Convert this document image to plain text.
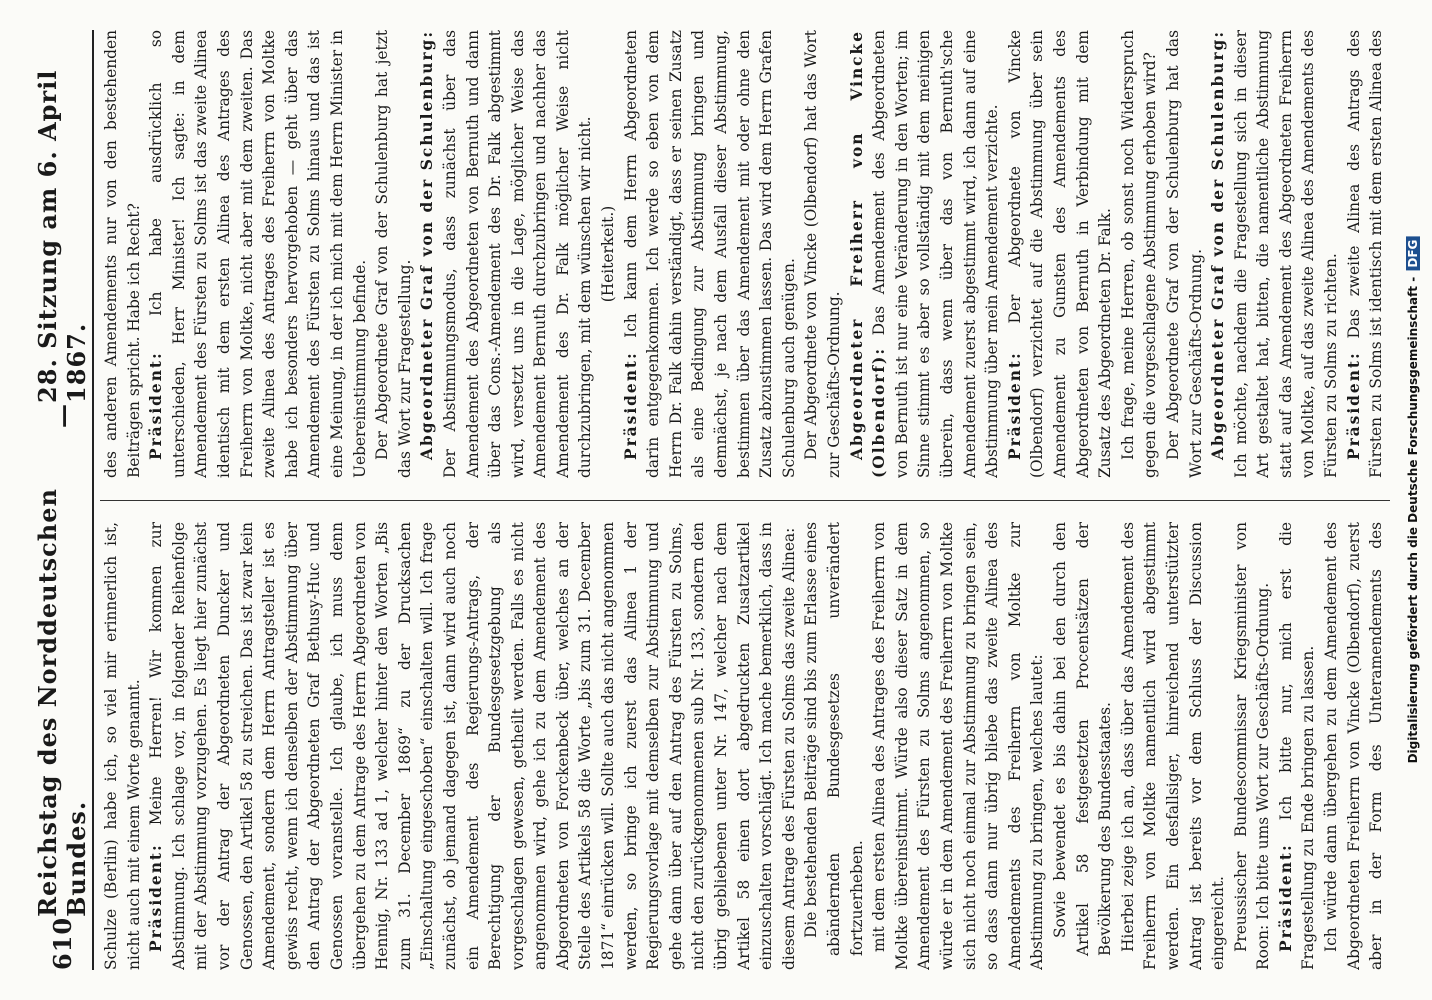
610
Reichstag des Norddeutschen Bundes.
—
28. Sitzung am 6. April 1867.

Schulze (Berlin) habe ich, so viel mir erinnerlich ist, nicht auch mit einem Worte genannt. Präsident: Meine Herren! Wir kommen zur Abstimmung. Ich schlage vor, in folgender Reihenfolge mit der Abstimmung vorzugehen. Es liegt hier zunächst vor der Antrag der Abgeordneten Duncker und Genossen, den Artikel 58 zu streichen. Das ist zwar kein Amendement, sondern dem Herrn Antragsteller ist es gewiss recht, wenn ich denselben der Abstimmung über den Antrag der Abgeordneten Graf Bethusy-Huc und Genossen voranstelle. Ich glaube, ich muss denn übergehen zu dem Antrage des Herrn Abgeordneten von Hennig, Nr. 133 ad 1, welcher hinter den Worten „Bis zum 31. December 1869“ zu der Drucksachen „Einschaltung eingeschoben“ einschalten will. Ich frage zunächst, ob jemand dagegen ist, dann wird auch noch ein Amendement des Regierungs-Antrags, der Berechtigung der Bundesgesetzgebung als vorgeschlagen gewesen, getheilt werden. Falls es nicht angenommen wird, gehe ich zu dem Amendement des Abgeordneten von Forckenbeck über, welches an der Stelle des Artikels 58 die Worte „bis zum 31. December 1871“ einrücken will. Sollte auch das nicht angenommen werden, so bringe ich zuerst das Alinea 1 der Regierungsvorlage mit demselben zur Abstimmung und gehe dann über auf den Antrag des Fürsten zu Solms, nicht den zurückgenommenen sub Nr. 133, sondern den übrig gebliebenen unter Nr. 147, welcher nach dem Artikel 58 einen dort abgedruckten Zusatzartikel einzuschalten vorschlägt. Ich mache bemerklich, dass in diesem Antrage des Fürsten zu Solms das zweite Alinea: Die bestehenden Beiträge sind bis zum Erlasse eines abändernden Bundesgesetzes unverändert fortzuerheben. mit dem ersten Alinea des Antrages des Freiherrn von Moltke übereinstimmt. Würde also dieser Satz in dem Amendement des Fürsten zu Solms angenommen, so würde er in dem Amendement des Freiherrn von Moltke sich nicht noch einmal zur Abstimmung zu bringen sein, so dass dann nur übrig bliebe das zweite Alinea des Amendements des Freiherrn von Moltke zur Abstimmung zu bringen, welches lautet: Sowie bewendet es bis dahin bei den durch den Artikel 58 festgesetzten Procentsätzen der Bevölkerung des Bundesstaates. Hierbei zeige ich an, dass über das Amendement des Freiherrn von Moltke namentlich wird abgestimmt werden. Ein desfallsiger, hinreichend unterstützter Antrag ist bereits vor dem Schluss der Discussion eingereicht. Preussischer Bundescommissar Kriegsminister von Roon: Ich bitte ums Wort zur Geschäfts-Ordnung. Präsident: Ich bitte nur, mich erst die Fragestellung zu Ende bringen zu lassen. Ich würde dann übergehen zu dem Amendement des Abgeordneten Freiherrn von Vincke (Olbendorf), zuerst aber in der Form des Unteramendements des

des anderen Amendements nur von den bestehenden Beiträgen spricht. Habe ich Recht? Präsident: Ich habe ausdrücklich so unterschieden, Herr Minister! Ich sagte: in dem Amendement des Fürsten zu Solms ist das zweite Alinea identisch mit dem ersten Alinea des Antrages des Freiherrn von Moltke, nicht aber mit dem zweiten. Das zweite Alinea des Antrages des Freiherrn von Moltke habe ich besonders hervorgehoben — geht über das Amendement des Fürsten zu Solms hinaus und das ist eine Meinung, in der ich mich mit dem Herrn Minister in Uebereinstimmung befinde. Der Abgeordnete Graf von der Schulenburg hat jetzt das Wort zur Fragestellung. Abgeordneter Graf von der Schulenburg: Der Abstimmungsmodus, dass zunächst über das Amendement des Abgeordneten von Bernuth und dann über das Cons.-Amendement des Dr. Falk abgestimmt wird, versetzt uns in die Lage, möglicher Weise das Amendement Bernuth durchzubringen und nachher das Amendement des Dr. Falk möglicher Weise nicht durchzubringen, mit dem wünschen wir nicht. (Heiterkeit.)

Präsident: Ich kann dem Herrn Abgeordneten darin entgegenkommen. Ich werde so eben von dem Herrn Dr. Falk dahin verständigt, dass er seinen Zusatz als eine Bedingung zur Abstimmung bringen und demnächst, je nach dem Ausfall dieser Abstimmung, bestimmen über das Amendement mit oder ohne den Zusatz abzustimmen lassen. Das wird dem Herrn Grafen Schulenburg auch genügen. Der Abgeordnete von Vincke (Olbendorf) hat das Wort zur Geschäfts-Ordnung. Abgeordneter Freiherr von Vincke (Olbendorf): Das Amendement des Abgeordneten von Bernuth ist nur eine Veränderung in den Worten; im Sinne stimmt es aber so vollständig mit dem meinigen überein, dass wenn über das von Bernuth'sche Amendement zuerst abgestimmt wird, ich dann auf eine Abstimmung über mein Amendement verzichte. Präsident: Der Abgeordnete von Vincke (Olbendorf) verzichtet auf die Abstimmung über sein Amendement zu Gunsten des Amendements des Abgeordneten von Bernuth in Verbindung mit dem Zusatz des Abgeordneten Dr. Falk. Ich frage, meine Herren, ob sonst noch Widerspruch gegen die vorgeschlagene Abstimmung erhoben wird? Der Abgeordnete Graf von der Schulenburg hat das Wort zur Geschäfts-Ordnung. Abgeordneter Graf von der Schulenburg: Ich möchte, nachdem die Fragestellung sich in dieser Art gestaltet hat, bitten, die namentliche Abstimmung statt auf das Amendement des Abgeordneten Freiherrn von Moltke, auf das zweite Alinea des Amendements des Fürsten zu Solms zu richten. Präsident: Das zweite Alinea des Antrags des Fürsten zu Solms ist identisch mit dem ersten Alinea des

Digitalisierung gefördert durch die Deutsche Forschungsgemeinschaft - DFG
